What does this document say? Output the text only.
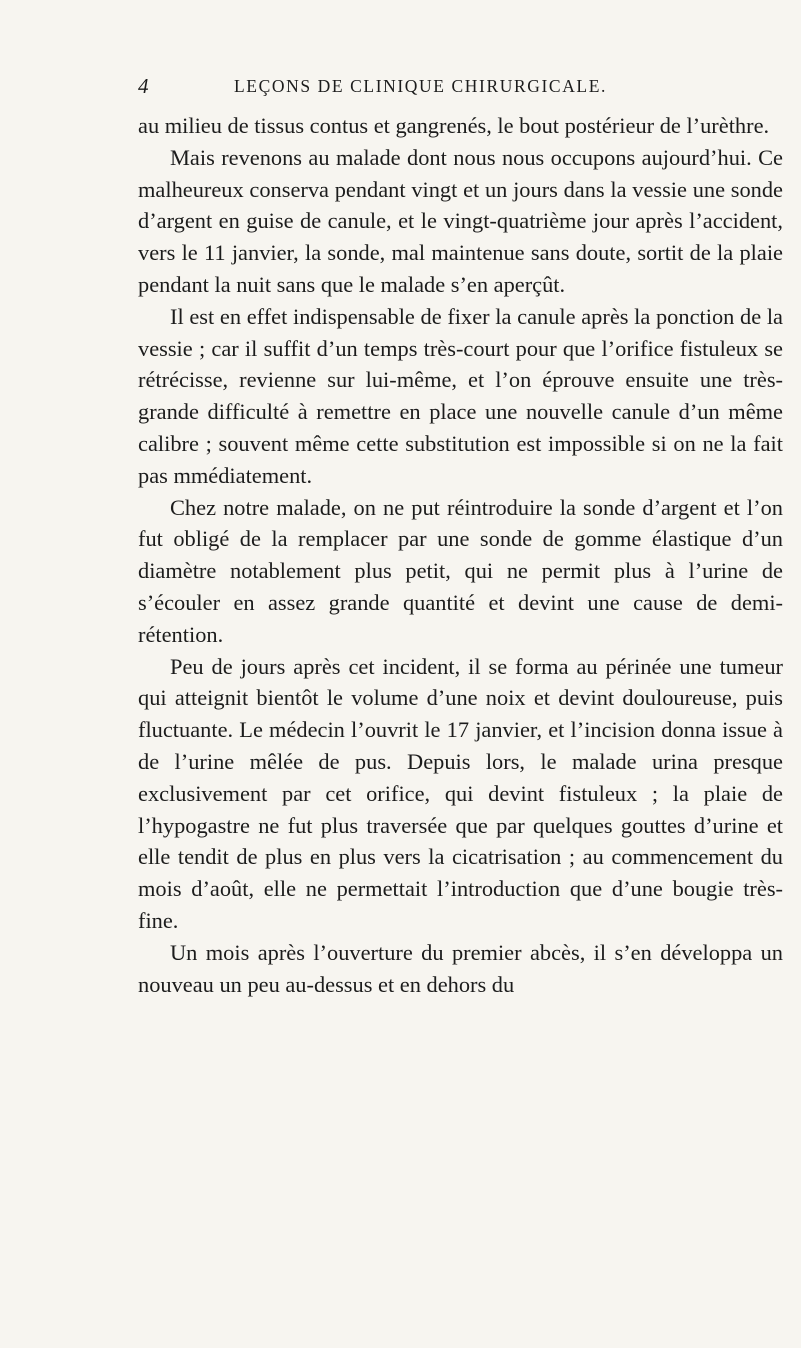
4	LEÇONS DE CLINIQUE CHIRURGICALE.

au milieu de tissus contus et gangrenés, le bout postérieur de l’urèthre.

Mais revenons au malade dont nous nous occupons aujourd’hui. Ce malheureux conserva pendant vingt et un jours dans la vessie une sonde d’argent en guise de canule, et le vingt-quatrième jour après l’accident, vers le 11 janvier, la sonde, mal maintenue sans doute, sortit de la plaie pendant la nuit sans que le malade s’en aperçût.

Il est en effet indispensable de fixer la canule après la ponction de la vessie ; car il suffit d’un temps très-court pour que l’orifice fistuleux se rétrécisse, revienne sur lui-même, et l’on éprouve ensuite une très-grande difficulté à remettre en place une nouvelle canule d’un même calibre ; souvent même cette substitution est impossible si on ne la fait pas mmédiatement.

Chez notre malade, on ne put réintroduire la sonde d’argent et l’on fut obligé de la remplacer par une sonde de gomme élastique d’un diamètre notablement plus petit, qui ne permit plus à l’urine de s’écouler en assez grande quantité et devint une cause de demi-rétention.

Peu de jours après cet incident, il se forma au périnée une tumeur qui atteignit bientôt le volume d’une noix et devint douloureuse, puis fluctuante. Le médecin l’ouvrit le 17 janvier, et l’incision donna issue à de l’urine mêlée de pus. Depuis lors, le malade urina presque exclusivement par cet orifice, qui devint fistuleux ; la plaie de l’hypogastre ne fut plus traversée que par quelques gouttes d’urine et elle tendit de plus en plus vers la cicatrisation ; au commencement du mois d’août, elle ne permettait l’introduction que d’une bougie très-fine.

Un mois après l’ouverture du premier abcès, il s’en développa un nouveau un peu au-dessus et en dehors du
